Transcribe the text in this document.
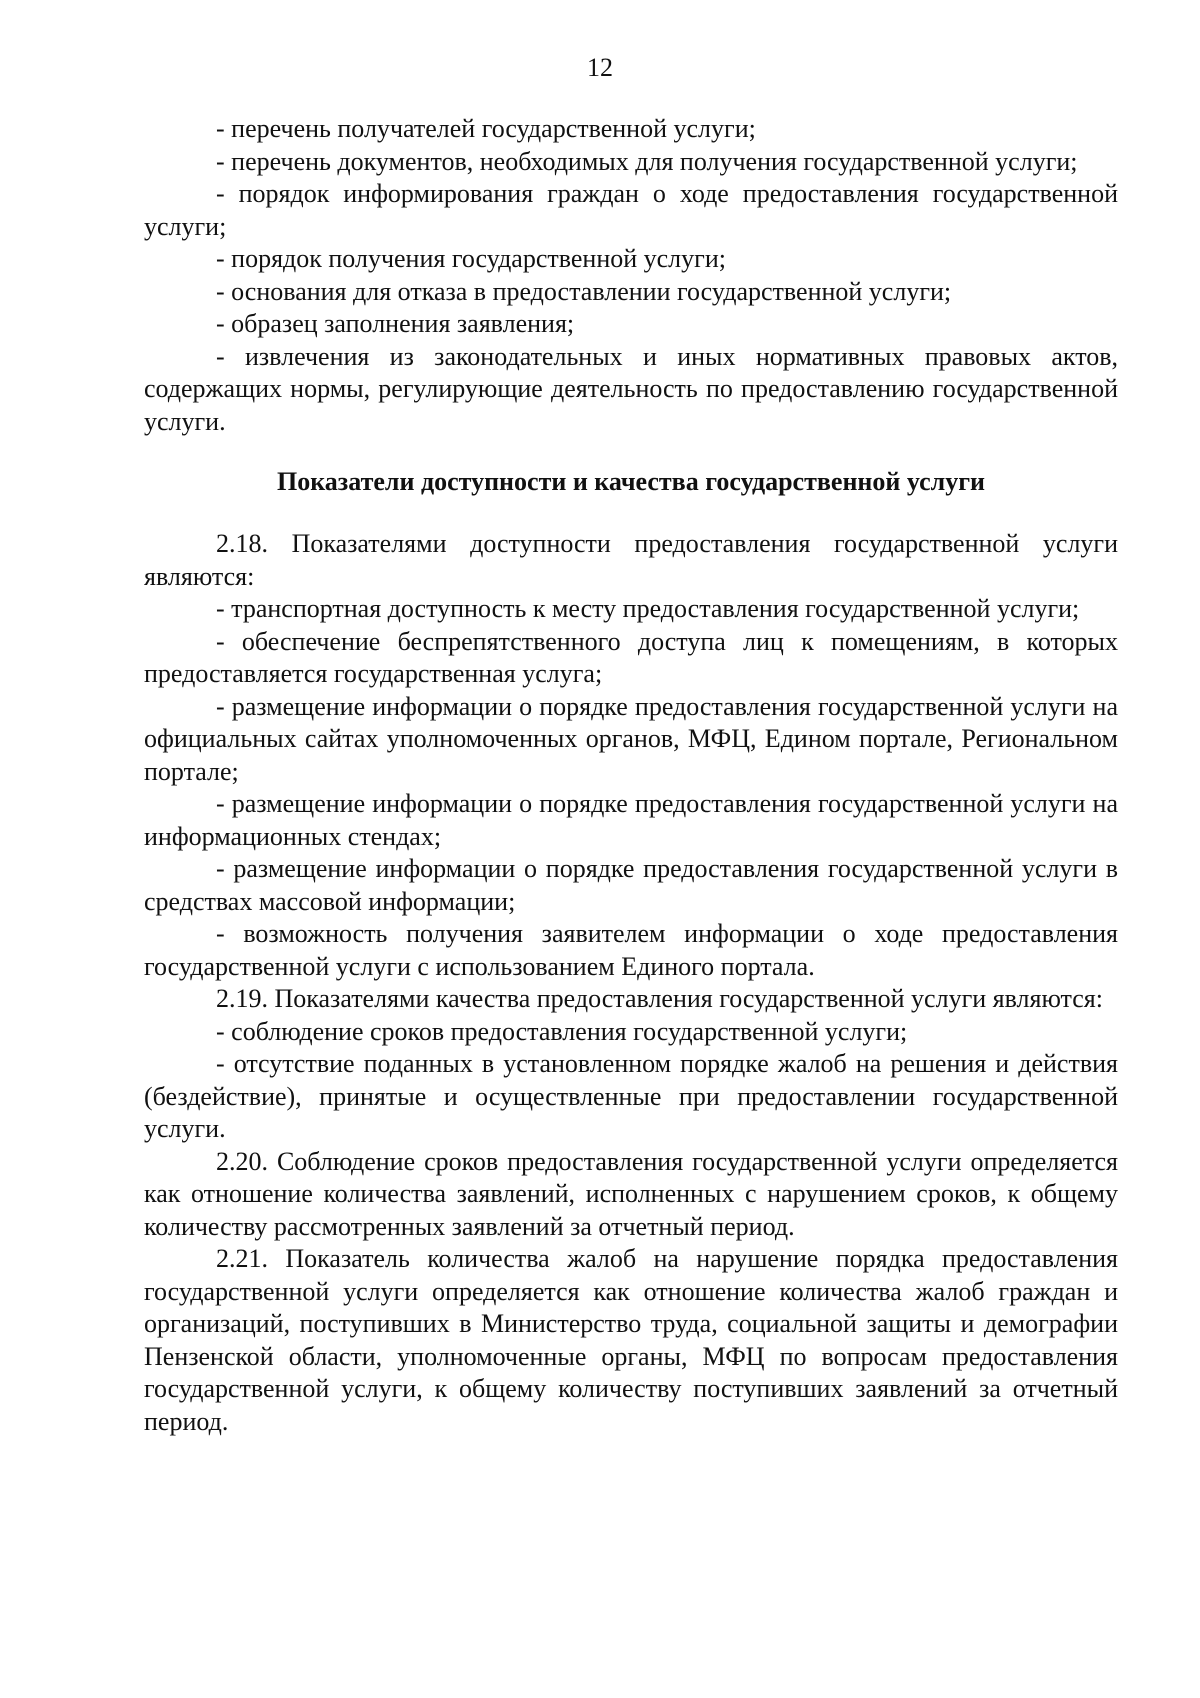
12

- перечень получателей государственной услуги;

- перечень документов, необходимых для получения государственной услуги;

- порядок информирования граждан о ходе предоставления государственной услуги;

- порядок получения государственной услуги;

- основания для отказа в предоставлении государственной услуги;

- образец заполнения заявления;

- извлечения из законодательных и иных нормативных правовых актов, содержащих нормы, регулирующие деятельность по предоставлению государственной услуги.

Показатели доступности и качества государственной услуги

2.18. Показателями доступности предоставления государственной услуги являются:

- транспортная доступность к месту предоставления государственной услуги;

- обеспечение беспрепятственного доступа лиц к помещениям, в которых предоставляется государственная услуга;

- размещение информации о порядке предоставления государственной услуги на официальных сайтах уполномоченных органов, МФЦ, Едином портале, Региональном портале;

- размещение информации о порядке предоставления государственной услуги на информационных стендах;

- размещение информации о порядке предоставления государственной услуги в средствах массовой информации;

- возможность получения заявителем информации о ходе предоставления государственной услуги с использованием Единого портала.

2.19. Показателями качества предоставления государственной услуги являются:

- соблюдение сроков предоставления государственной услуги;

- отсутствие поданных в установленном порядке жалоб на решения и действия (бездействие), принятые и осуществленные при предоставлении государственной услуги.

2.20. Соблюдение сроков предоставления государственной услуги определяется как отношение количества заявлений, исполненных с нарушением сроков, к общему количеству рассмотренных заявлений за отчетный период.

2.21. Показатель количества жалоб на нарушение порядка предоставления государственной услуги определяется как отношение количества жалоб граждан и организаций, поступивших в Министерство труда, социальной защиты и демографии Пензенской области, уполномоченные органы, МФЦ по вопросам предоставления государственной услуги, к общему количеству поступивших заявлений за отчетный период.
